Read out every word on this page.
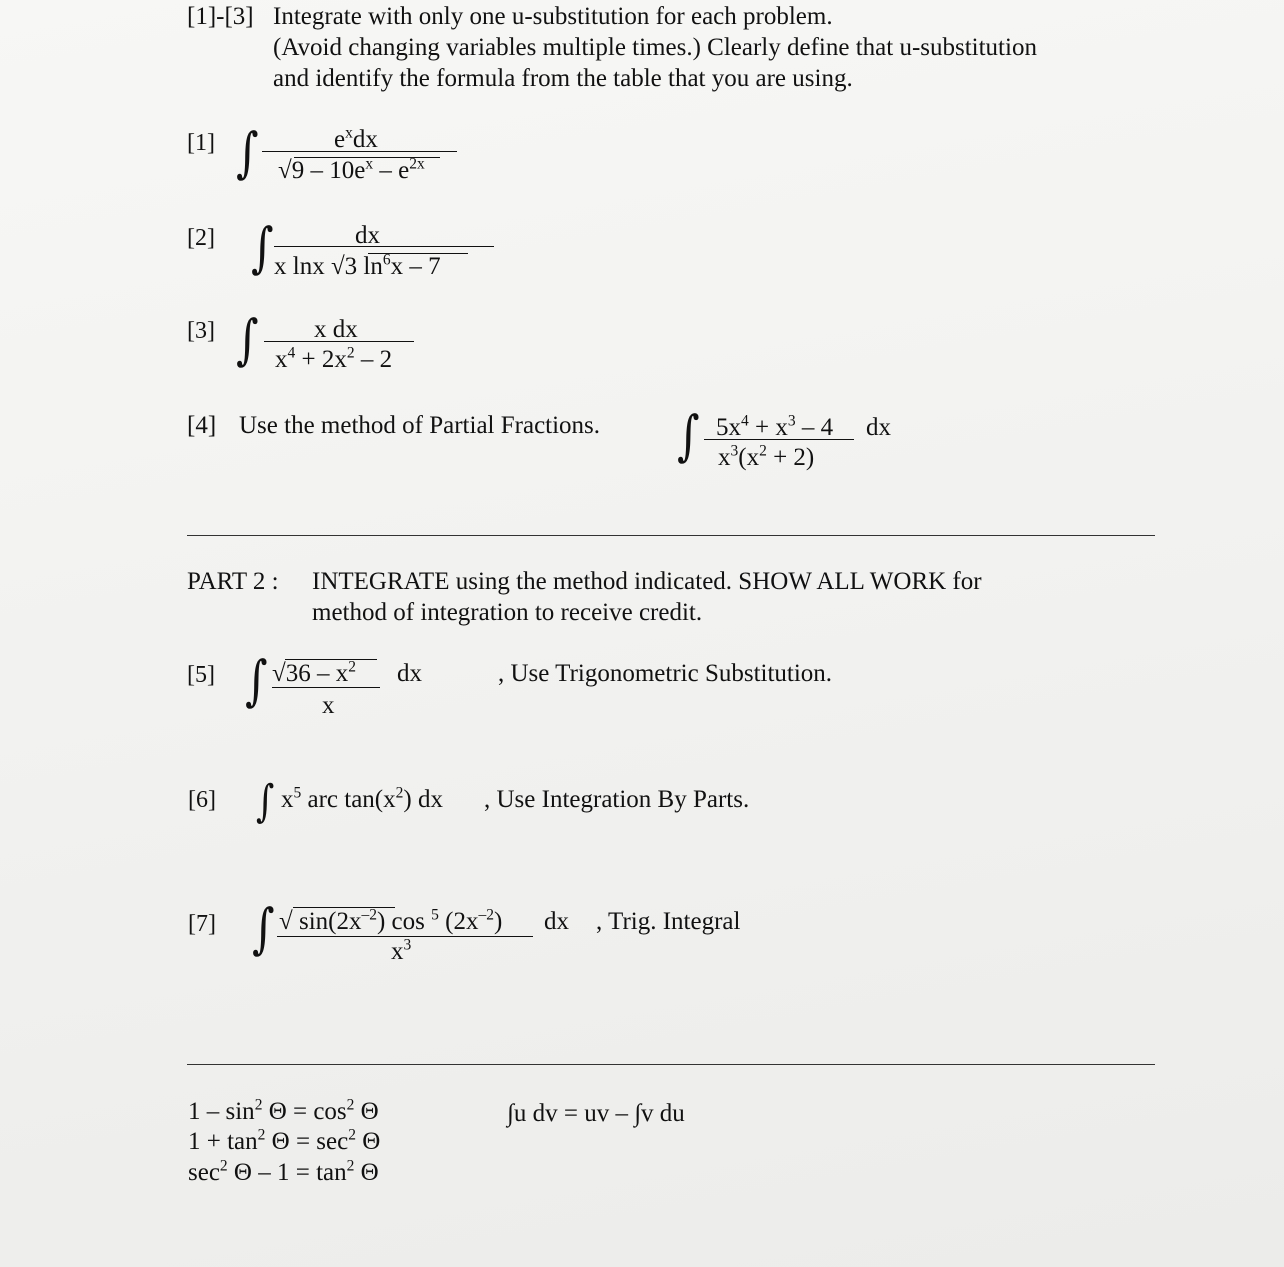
[1]-[3] Integrate with only one u-substitution for each problem.
(Avoid changing variables multiple times.) Clearly define that u-substitution
and identify the formula from the table that you are using.
[1] ∫	$e^xdx$
$√9 - 10e^x - e^{2x}$
[2] ∫	dx
x lnx √3 $\ln^6x - 7$
[3] ∫ x dx
$x^4 + 2x^2 - 2$
[4] Use the method of Partial Fractions. ∫ $5x^4 + x^3 - 4$
$x^3(x^2 + 2)$
dx
PART 2 : INTEGRATE using the method indicated. SHOW ALL WORK for
method of integration to receive credit.
[5] ∫ $√36 - x^2$
x
dx	, Use Trigonometric Substitution.
[6] ∫ $x^5$ arc $\tan(x^2)$ dx , Use Integration By Parts.
[7] ∫ √ $\sin(2x^{-2})$ cos $^5$ $(2x^{-2})$
$x^3$
dx , Trig. Integral
$1 - \sin^2 \Theta = \cos^2 \Theta$
$1 + \tan^2 \Theta = \sec^2 \Theta$
$\sec^2 \Theta - 1 = \tan^2 \Theta$
∫u dv = uv – ∫v du
